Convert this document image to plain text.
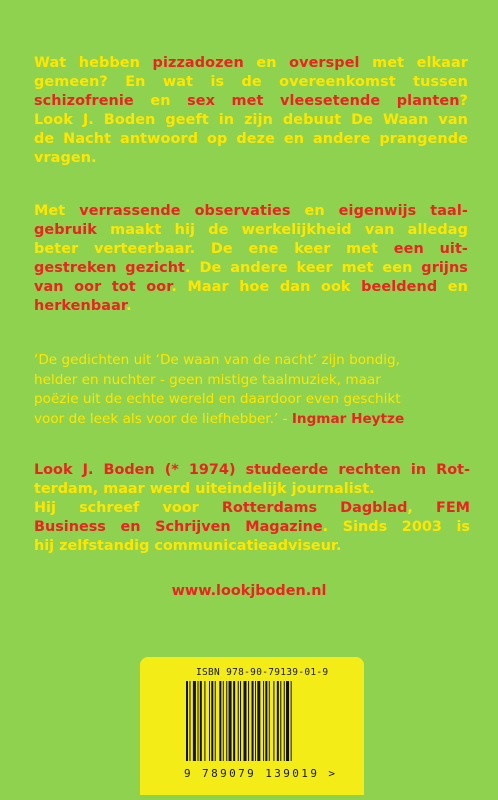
Wat hebben pizzadozen en overspel met elkaar
gemeen? En wat is de overeenkomst tussen
schizofrenie en sex met vleesetende planten?
Look J. Boden geeft in zijn debuut De Waan van
de Nacht antwoord op deze en andere prangende
vragen.
Met verrassende observaties en eigenwijs taal-
gebruik maakt hij de werkelijkheid van alledag
beter verteerbaar. De ene keer met een uit-
gestreken gezicht. De andere keer met een grijns
van oor tot oor. Maar hoe dan ook beeldend en
herkenbaar.
‘De gedichten uit ‘De waan van de nacht’ zijn bondig,
helder en nuchter - geen mistige taalmuziek, maar
poëzie uit de echte wereld en daardoor even geschikt
voor de leek als voor de liefhebber.’ - Ingmar Heytze
Look J. Boden (* 1974) studeerde rechten in Rot-
terdam, maar werd uiteindelijk journalist.
Hij schreef voor Rotterdams Dagblad, FEM
Business en Schrijven Magazine. Sinds 2003 is
hij zelfstandig communicatieadviseur.
www.lookjboden.nl
ISBN 978-90-79139-01-9
9 789079 139019 >
